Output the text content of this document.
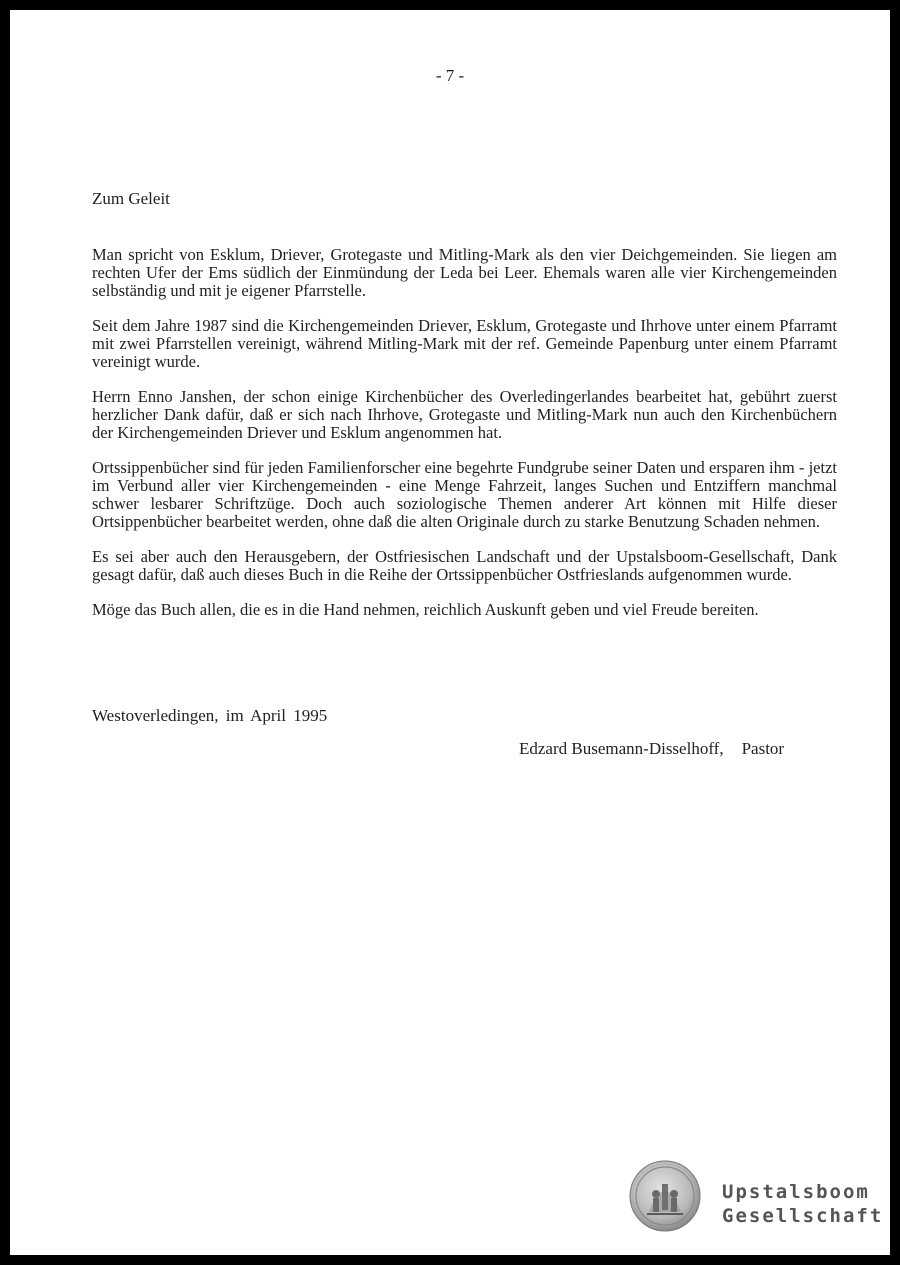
- 7 -
Zum Geleit

Man spricht von Esklum, Driever, Grotegaste und Mitling-Mark als den vier Deichgemeinden. Sie liegen am rechten Ufer der Ems südlich der Einmündung der Leda bei Leer. Ehemals waren alle vier Kirchengemeinden selbständig und mit je eigener Pfarrstelle.

Seit dem Jahre 1987 sind die Kirchengemeinden Driever, Esklum, Grotegaste und Ihrhove unter einem Pfarramt mit zwei Pfarrstellen vereinigt, während Mitling-Mark mit der ref. Gemeinde Papenburg unter einem Pfarramt vereinigt wurde.

Herrn Enno Janshen, der schon einige Kirchenbücher des Overledingerlandes bearbeitet hat, gebührt zuerst herzlicher Dank dafür, daß er sich nach Ihrhove, Grotegaste und Mitling-Mark nun auch den Kirchenbüchern der Kirchengemeinden Driever und Esklum angenommen hat.

Ortssippenbücher sind für jeden Familienforscher eine begehrte Fundgrube seiner Daten und ersparen ihm - jetzt im Verbund aller vier Kirchengemeinden - eine Menge Fahrzeit, langes Suchen und Entziffern manchmal schwer lesbarer Schriftzüge. Doch auch soziologische Themen anderer Art können mit Hilfe dieser Ortsippenbücher bearbeitet werden, ohne daß die alten Originale durch zu starke Benutzung Schaden nehmen.

Es sei aber auch den Herausgebern, der Ostfriesischen Landschaft und der Upstalsboom-Gesellschaft, Dank gesagt dafür, daß auch dieses Buch in die Reihe der Ortssippenbücher Ostfrieslands aufgenommen wurde.

Möge das Buch allen, die es in die Hand nehmen, reichlich Auskunft geben und viel Freude bereiten.

Westoverledingen, im April 1995
Edzard Busemann-Disselhoff, Pastor
Upstalsboom
Gesellschaft
